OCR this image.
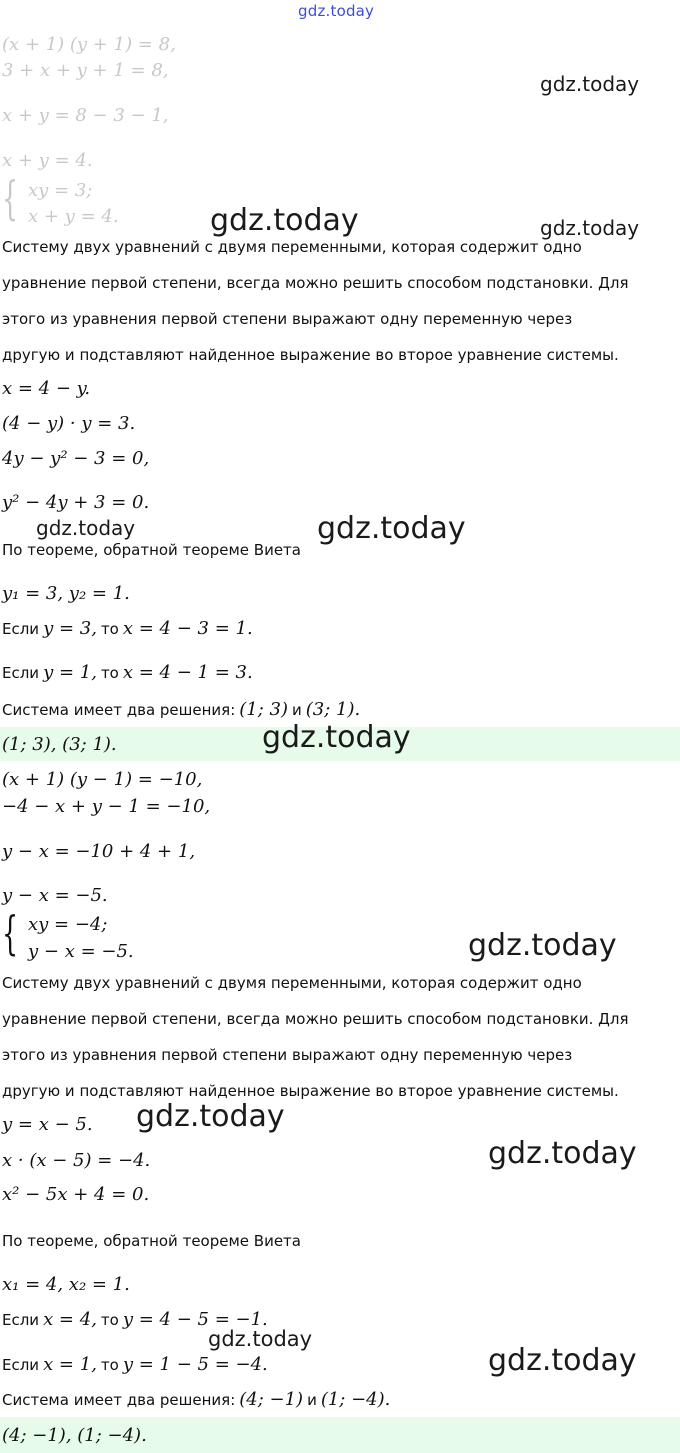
gdz.today
gdz.today
gdz.today	gdz.today
gdz.today	gdz.today
(x + 1) (y + 1) = 8,
3 + x + y + 1 = 8,
x + y = 8 − 3 − 1,
x + y = 4.
{ xy = 3;
x + y = 4.
Систему двух уравнений с двумя переменными, которая содержит одно
уравнение первой степени, всегда можно решить способом подстановки. Для
этого из уравнения первой степени выражают одну переменную через
другую и подставляют найденное выражение во второе уравнение системы.
x = 4 − y.
(4 − y) · y = 3.
4y − y² − 3 = 0,
y² − 4y + 3 = 0.
По теореме, обратной теореме Виета
y₁ = 3, y₂ = 1.
Если y = 3, то x = 4 − 3 = 1.
Если y = 1, то x = 4 − 1 = 3.
Система имеет два решения: (1; 3) и (3; 1).
(1; 3), (3; 1).	gdz.today
(x + 1) (y − 1) = −10,
−4 − x + y − 1 = −10,
y − x = −10 + 4 + 1,
y − x = −5.
{ xy = −4;
y − x = −5.	gdz.today
Систему двух уравнений с двумя переменными, которая содержит одно
уравнение первой степени, всегда можно решить способом подстановки. Для
этого из уравнения первой степени выражают одну переменную через
другую и подставляют найденное выражение во второе уравнение системы.
y = x − 5. gdz.today
x · (x − 5) = −4.	gdz.today
x² − 5x + 4 = 0.
По теореме, обратной теореме Виета
x₁ = 4, x₂ = 1.
Если x = 4, то y = 4 − 5 = −1.
gdz.today
Если x = 1, то y = 1 − 5 = −4.	gdz.today
Система имеет два решения: (4; −1) и (1; −4).
(4; −1), (1; −4).
